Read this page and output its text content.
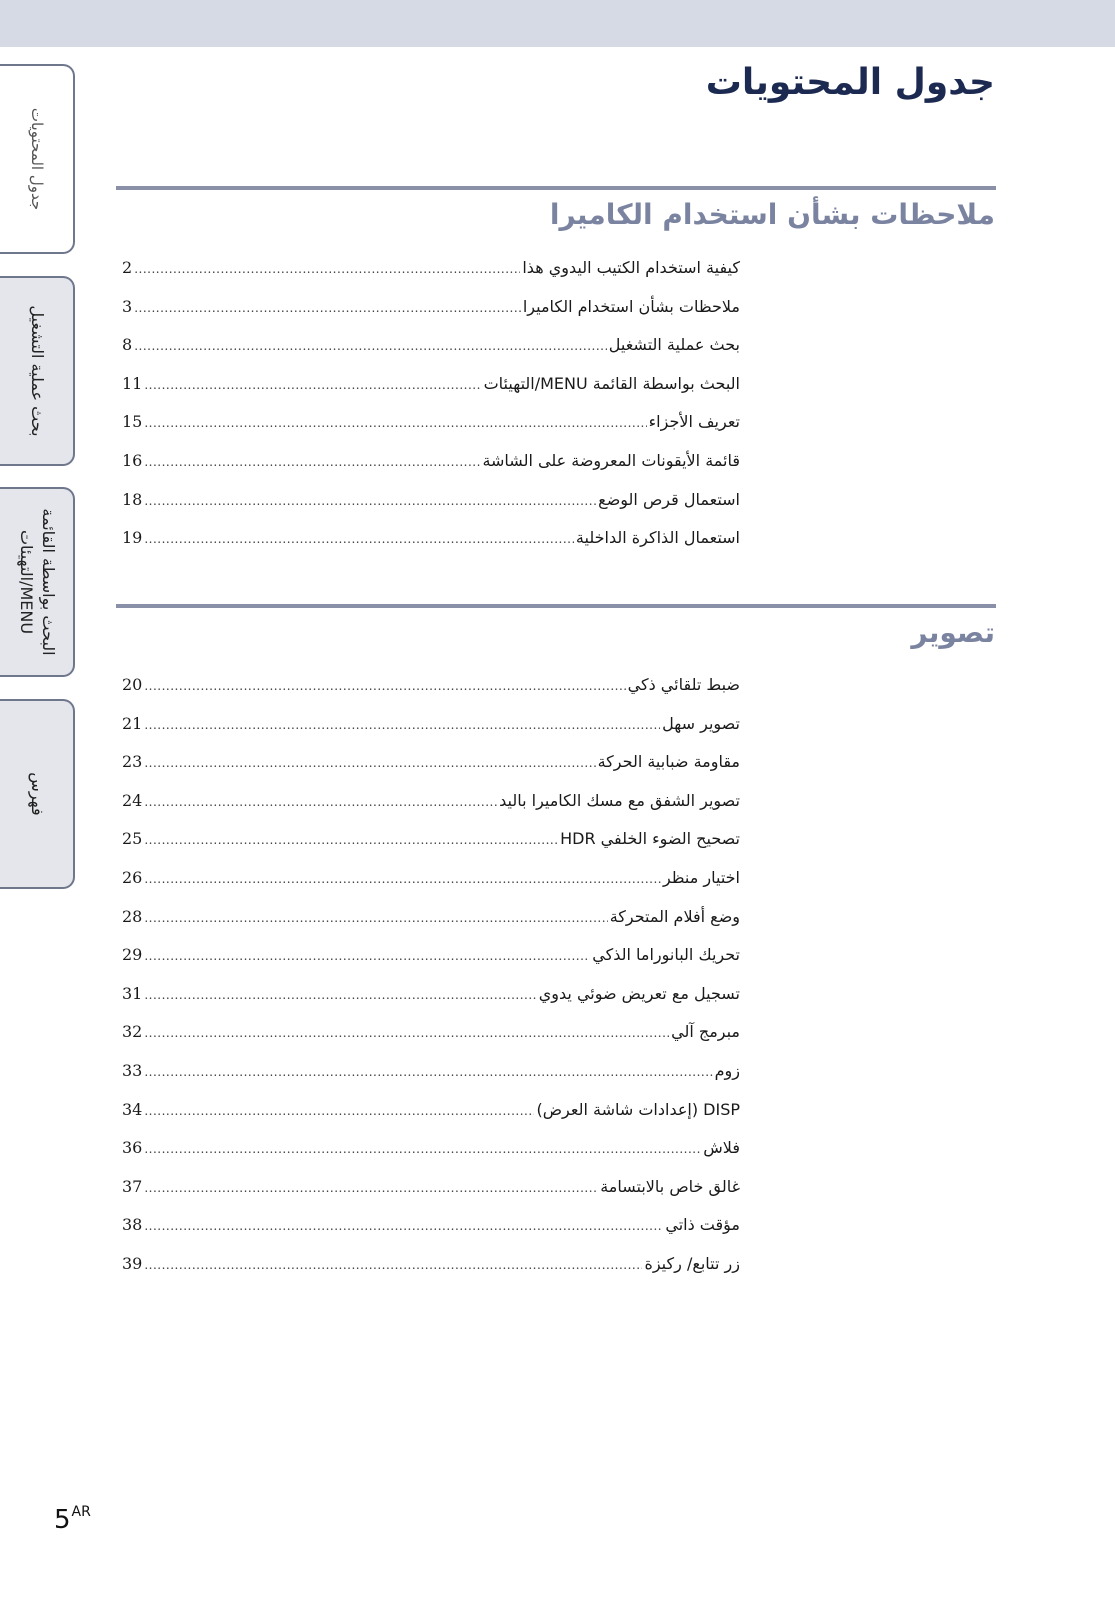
جدول المحتويات
بحث عملية التشغيل
البحث بواسطة القائمة
MENU/التهيئات
فهرس
جدول المحتويات
ملاحظات بشأن استخدام الكاميرا
كيفية استخدام الكتيب اليدوي هذا
.....
2
ملاحظات بشأن استخدام الكاميرا
.....
3
بحث عملية التشغيل
.....
8
البحث بواسطة القائمة MENU/التهيئات
.....
11
تعريف الأجزاء
.....
15
قائمة الأيقونات المعروضة على الشاشة
.....
16
استعمال قرص الوضع
.....
18
استعمال الذاكرة الداخلية
.....
19
تصوير
ضبط تلقائي ذكي
.....
20
تصوير سهل
.....
21
مقاومة ضبابية الحركة
.....
23
تصوير الشفق مع مسك الكاميرا باليد
.....
24
تصحيح الضوء الخلفي HDR
.....
25
اختيار منظر
.....
26
وضع أفلام المتحركة
.....
28
تحريك البانوراما الذكي
.....
29
تسجيل مع تعريض ضوئي يدوي
.....
31
مبرمج آلي
.....
32
زوم
.....
33
DISP (إعدادات شاشة العرض)
.....
34
فلاش
.....
36
غالق خاص بالابتسامة
.....
37
مؤقت ذاتي
.....
38
زر تتابع/ ركيزة
.....
39
$5^{AR}$
